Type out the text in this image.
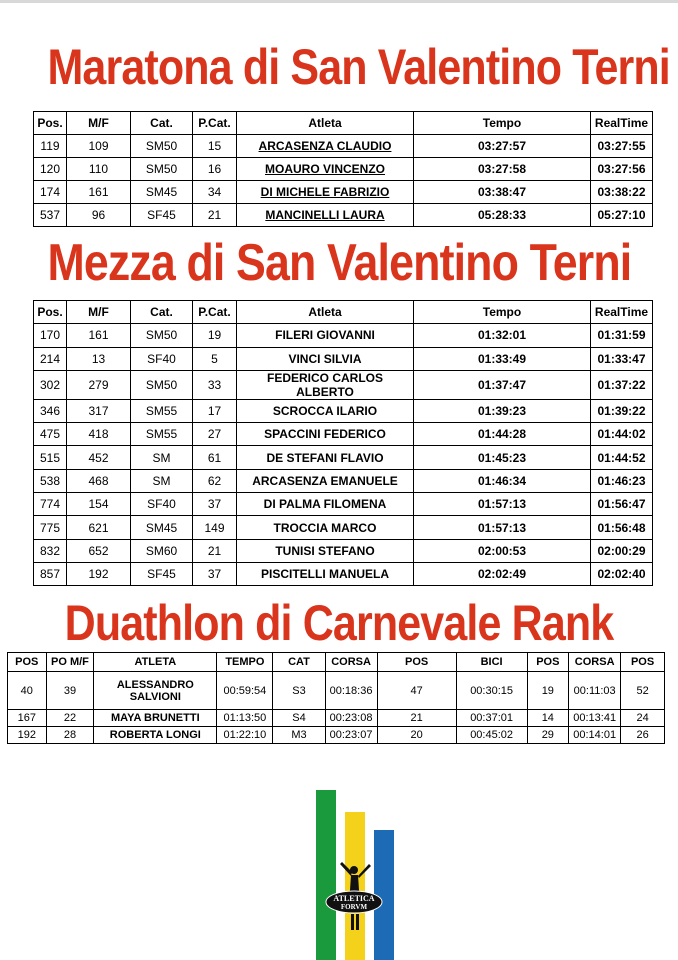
Maratona di San Valentino Terni
Pos.	M/F	Cat.	P.Cat.	Atleta	Tempo	RealTime
119	109	SM50	15	ARCASENZA CLAUDIO	03:27:57	03:27:55
120	110	SM50	16	MOAURO VINCENZO	03:27:58	03:27:56
174	161	SM45	34	DI MICHELE FABRIZIO	03:38:47	03:38:22
537	96	SF45	21	MANCINELLI LAURA	05:28:33	05:27:10
Mezza di San Valentino Terni
Pos.	M/F	Cat.	P.Cat.	Atleta	Tempo	RealTime
170	161	SM50	19	FILERI GIOVANNI	01:32:01	01:31:59
214	13	SF40	5	VINCI SILVIA	01:33:49	01:33:47
302	279	SM50	33	FEDERICO CARLOS ALBERTO	01:37:47	01:37:22
346	317	SM55	17	SCROCCA ILARIO	01:39:23	01:39:22
475	418	SM55	27	SPACCINI FEDERICO	01:44:28	01:44:02
515	452	SM	61	DE STEFANI FLAVIO	01:45:23	01:44:52
538	468	SM	62	ARCASENZA EMANUELE	01:46:34	01:46:23
774	154	SF40	37	DI PALMA FILOMENA	01:57:13	01:56:47
775	621	SM45	149	TROCCIA MARCO	01:57:13	01:56:48
832	652	SM60	21	TUNISI STEFANO	02:00:53	02:00:29
857	192	SF45	37	PISCITELLI MANUELA	02:02:49	02:02:40
Duathlon di Carnevale Rank
POS	PO M/F	ATLETA	TEMPO	CAT	CORSA	POS	BICI	POS	CORSA	POS
40	39	ALESSANDRO SALVIONI	00:59:54	S3	00:18:36	47	00:30:15	19	00:11:03	52
167	22	MAYA BRUNETTI	01:13:50	S4	00:23:08	21	00:37:01	14	00:13:41	24
192	28	ROBERTA LONGI	01:22:10	M3	00:23:07	20	00:45:02	29	00:14:01	26
ATLETICA
FORVM
